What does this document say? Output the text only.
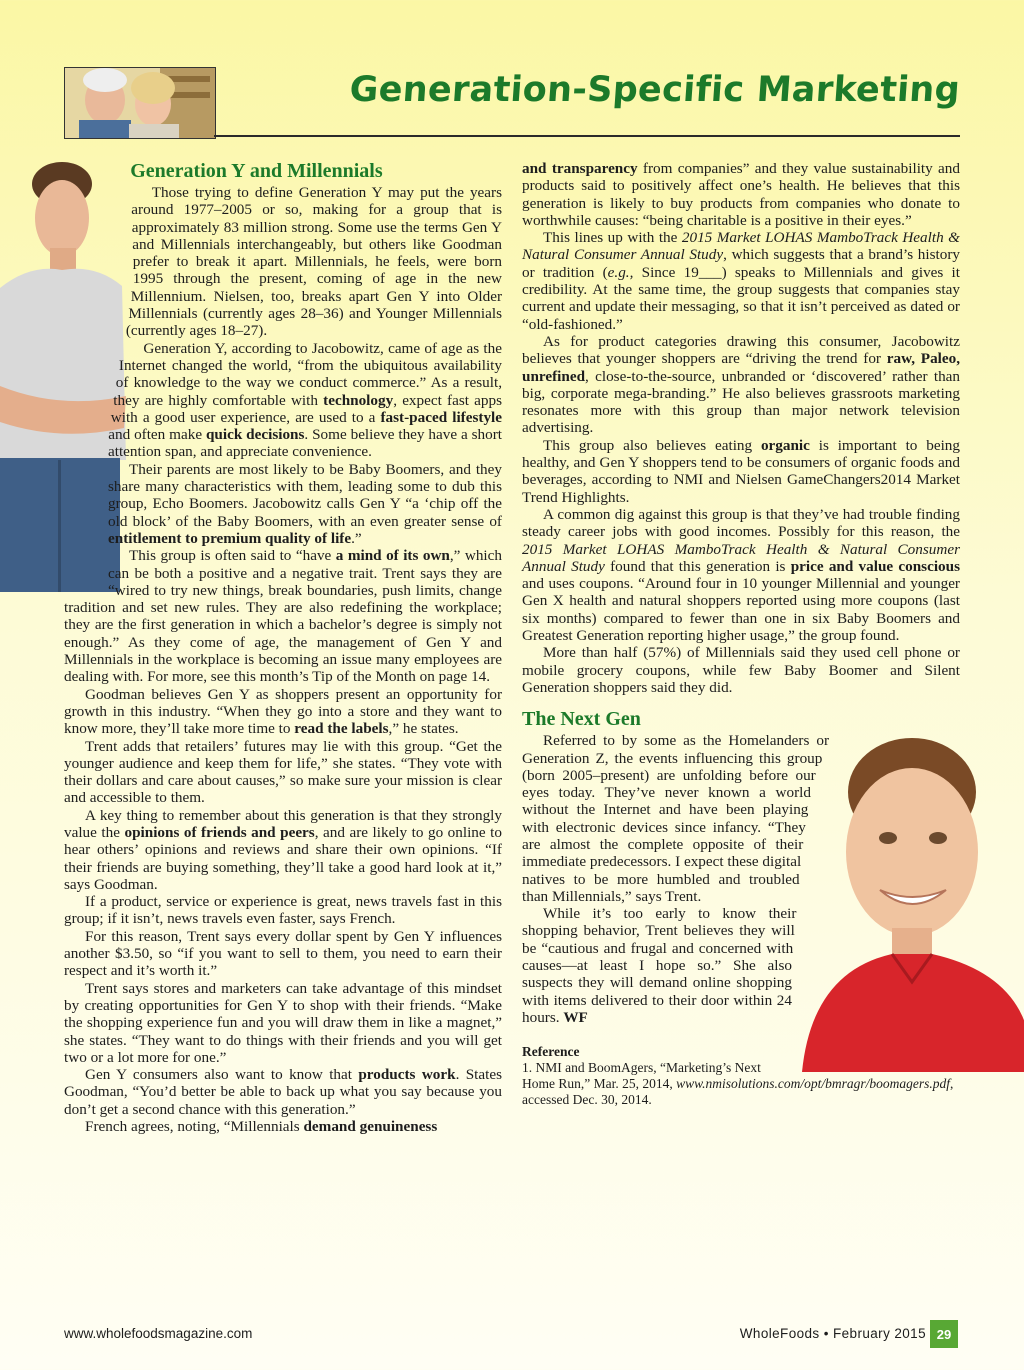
Generation-Specific Marketing
Generation Y and Millennials

Those trying to define Generation Y may put the years around 1977–2005 or so, making for a group that is approximately 83 million strong. Some use the terms Gen Y and Millennials interchangeably, but others like Goodman prefer to break it apart. Millennials, he feels, were born 1995 through the present, coming of age in the new Millennium. Nielsen, too, breaks apart Gen Y into Older Millennials (currently ages 28–36) and Younger Millennials (currently ages 18–27).

Generation Y, according to Jacobowitz, came of age as the Internet changed the world, “from the ubiquitous availability of knowledge to the way we conduct commerce.” As a result, they are highly comfortable with technology, expect fast apps with a good user experience, are used to a fast-paced lifestyle and often make quick decisions. Some believe they have a short attention span, and appreciate convenience.

Their parents are most likely to be Baby Boomers, and they share many characteristics with them, leading some to dub this group, Echo Boomers. Jacobowitz calls Gen Y “a ‘chip off the old block’ of the Baby Boomers, with an even greater sense of entitlement to premium quality of life.”

This group is often said to “have a mind of its own,” which can be both a positive and a negative trait. Trent says they are “wired to try new things, break boundaries, push limits, change tradition and set new rules. They are also redefining the workplace; they are the first generation in which a bachelor’s degree is simply not enough.” As they come of age, the management of Gen Y and Millennials in the workplace is becoming an issue many employees are dealing with. For more, see this month’s Tip of the Month on page 14.

Goodman believes Gen Y as shoppers present an opportunity for growth in this industry. “When they go into a store and they want to know more, they’ll take more time to read the labels,” he states.

Trent adds that retailers’ futures may lie with this group. “Get the younger audience and keep them for life,” she states. “They vote with their dollars and care about causes,” so make sure your mission is clear and accessible to them.

A key thing to remember about this generation is that they strongly value the opinions of friends and peers, and are likely to go online to hear others’ opinions and reviews and share their own opinions. “If their friends are buying something, they’ll take a good hard look at it,” says Goodman.

If a product, service or experience is great, news travels fast in this group; if it isn’t, news travels even faster, says French.

For this reason, Trent says every dollar spent by Gen Y influences another $3.50, so “if you want to sell to them, you need to earn their respect and it’s worth it.”

Trent says stores and marketers can take advantage of this mindset by creating opportunities for Gen Y to shop with their friends. “Make the shopping experience fun and you will draw them in like a magnet,” she states. “They want to do things with their friends and you will get two or a lot more for one.”

Gen Y consumers also want to know that products work. States Goodman, “You’d better be able to back up what you say because you don’t get a second chance with this generation.”

French agrees, noting, “Millennials demand genuineness

and transparency from companies” and they value sustainability and products said to positively affect one’s health. He believes that this generation is likely to buy products from companies who donate to worthwhile causes: “being charitable is a positive in their eyes.”

This lines up with the 2015 Market LOHAS MamboTrack Health & Natural Consumer Annual Study, which suggests that a brand’s history or tradition (e.g., Since 19___) speaks to Millennials and gives it credibility. At the same time, the group suggests that companies stay current and update their messaging, so that it isn’t perceived as dated or “old-fashioned.”

As for product categories drawing this consumer, Jacobowitz believes that younger shoppers are “driving the trend for raw, Paleo, unrefined, close-to-the-source, unbranded or ‘discovered’ rather than big, corporate mega-branding.” He also believes grassroots marketing resonates more with this group than major network television advertising.

This group also believes eating organic is important to being healthy, and Gen Y shoppers tend to be consumers of organic foods and beverages, according to NMI and Nielsen GameChangers2014 Market Trend Highlights.

A common dig against this group is that they’ve had trouble finding steady career jobs with good incomes. Possibly for this reason, the 2015 Market LOHAS MamboTrack Health & Natural Consumer Annual Study found that this generation is price and value conscious and uses coupons. “Around four in 10 younger Millennial and younger Gen X health and natural shoppers reported using more coupons (last six months) compared to fewer than one in six Baby Boomers and Greatest Generation reporting higher usage,” the group found.

More than half (57%) of Millennials said they used cell phone or mobile grocery coupons, while few Baby Boomer and Silent Generation shoppers said they did.

The Next Gen

Referred to by some as the Homelanders or Generation Z, the events influencing this group (born 2005–present) are unfolding before our eyes today. They’ve never known a world without the Internet and have been playing with electronic devices since infancy. “They are almost the complete opposite of their immediate predecessors. I expect these digital natives to be more humbled and troubled than Millennials,” says Trent.

While it’s too early to know their shopping behavior, Trent believes they will be “cautious and frugal and concerned with causes—at least I hope so.” She also suspects they will demand online shopping with items delivered to their door within 24 hours. WF

Reference
1. NMI and BoomAgers, “Marketing’s Next Home Run,” Mar. 25, 2014, www.nmisolutions.com/opt/bmragr/boomagers.pdf, accessed Dec. 30, 2014.
www.wholefoodsmagazine.com	WholeFoods • February 2015 29
